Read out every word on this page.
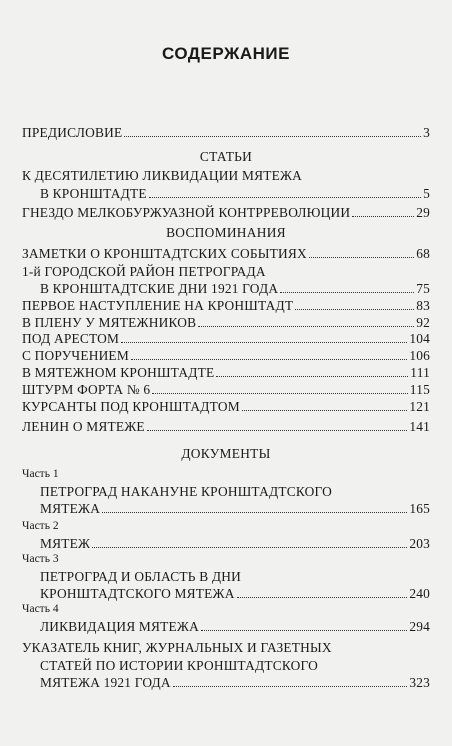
СОДЕРЖАНИЕ
ПРЕДИСЛОВИЕ	3
СТАТЬИ
К ДЕСЯТИЛЕТИЮ ЛИКВИДАЦИИ МЯТЕЖА
В КРОНШТАДТЕ	5
ГНЕЗДО МЕЛКОБУРЖУАЗНОЙ КОНТРРЕВОЛЮЦИИ	29
ВОСПОМИНАНИЯ
ЗАМЕТКИ О КРОНШТАДТСКИХ СОБЫТИЯХ	68
1-й ГОРОДСКОЙ РАЙОН ПЕТРОГРАДА
В КРОНШТАДТСКИЕ ДНИ 1921 ГОДА	75
ПЕРВОЕ НАСТУПЛЕНИЕ НА КРОНШТАДТ	83
В ПЛЕНУ У МЯТЕЖНИКОВ	92
ПОД АРЕСТОМ	104
С ПОРУЧЕНИЕМ	106
В МЯТЕЖНОМ КРОНШТАДТЕ	111
ШТУРМ ФОРТА № 6	115
КУРСАНТЫ ПОД КРОНШТАДТОМ	121
ЛЕНИН О МЯТЕЖЕ	141
ДОКУМЕНТЫ
Часть 1
ПЕТРОГРАД НАКАНУНЕ КРОНШТАДТСКОГО
МЯТЕЖА	165
Часть 2
МЯТЕЖ	203
Часть 3
ПЕТРОГРАД И ОБЛАСТЬ В ДНИ
КРОНШТАДТСКОГО МЯТЕЖА	240
Часть 4
ЛИКВИДАЦИЯ МЯТЕЖА	294
УКАЗАТЕЛЬ КНИГ, ЖУРНАЛЬНЫХ И ГАЗЕТНЫХ
СТАТЕЙ ПО ИСТОРИИ КРОНШТАДТСКОГО
МЯТЕЖА 1921 ГОДА	323
